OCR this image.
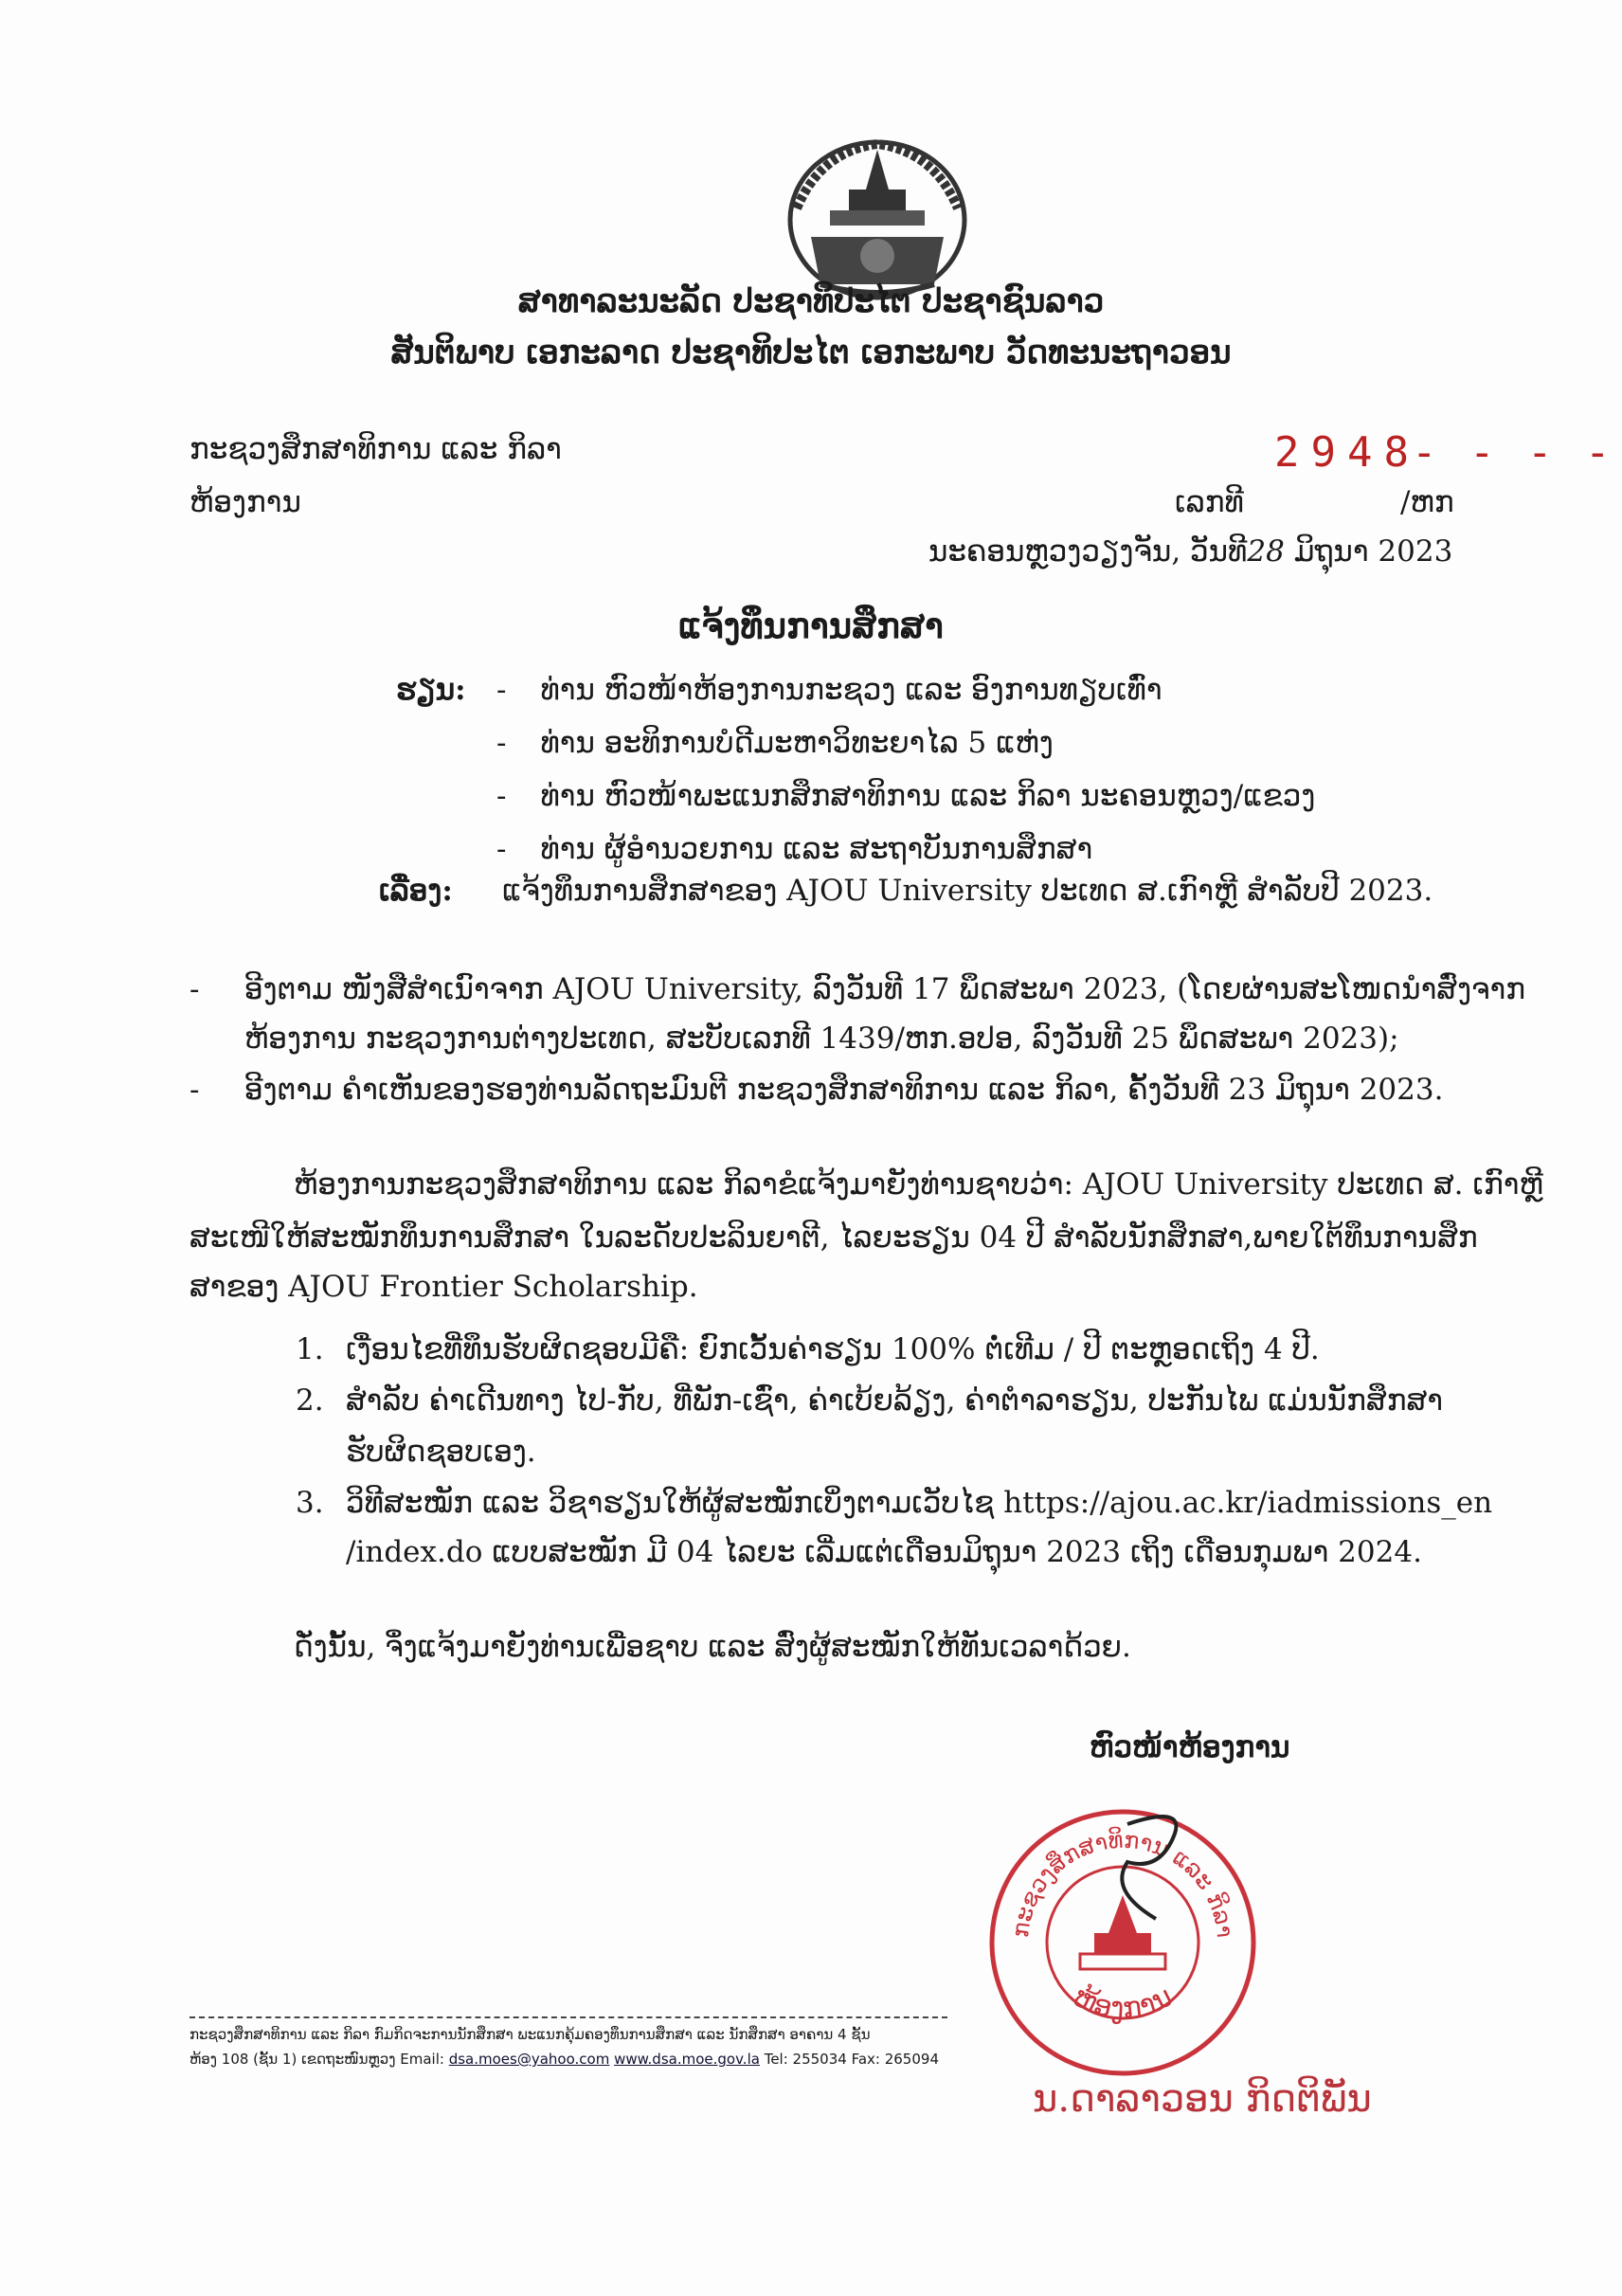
ສາທາລະນະລັດ ປະຊາທິປະໄຕ ປະຊາຊົນລາວ
ສັນຕິພາບ ເອກະລາດ ປະຊາທິປະໄຕ ເອກະພາບ ວັດທະນະຖາວອນ
ກະຊວງສຶກສາທິການ ແລະ ກິລາ
ຫ້ອງການ
2948
- - - -
ເລກທີ	/ຫກ
ນະຄອນຫຼວງວຽງຈັນ, ວັນທີ28 ມິຖຸນາ 2023
ແຈ້ງທຶນການສຶກສາ
ຮຽນ: - ທ່ານ ຫົວໜ້າຫ້ອງການກະຊວງ ແລະ ອົງການທຽບເທົ່າ
- ທ່ານ ອະທິການບໍດີມະຫາວິທະຍາໄລ 5 ແຫ່ງ
- ທ່ານ ຫົວໜ້າພະແນກສຶກສາທິການ ແລະ ກິລາ ນະຄອນຫຼວງ/ແຂວງ
- ທ່ານ ຜູ້ອຳນວຍການ ແລະ ສະຖາບັນການສຶກສາ
ເລື່ອງ: ແຈ້ງທຶນການສຶກສາຂອງ AJOU University ປະເທດ ສ.ເກົາຫຼີ ສຳລັບປີ 2023.
- ອີງຕາມ ໜັງສືສຳເນົາຈາກ AJOU University, ລົງວັນທີ 17 ພຶດສະພາ 2023, (ໂດຍຜ່ານສະໂໜດນຳສົ່ງຈາກ
ຫ້ອງການ ກະຊວງການຕ່າງປະເທດ, ສະບັບເລກທີ 1439/ຫກ.ອປອ, ລົງວັນທີ 25 ພຶດສະພາ 2023);
- ອີງຕາມ ຄຳເຫັນຂອງຮອງທ່ານລັດຖະມົນຕີ ກະຊວງສຶກສາທິການ ແລະ ກິລາ, ຄັ້ງວັນທີ 23 ມິຖຸນາ 2023.
ຫ້ອງການກະຊວງສຶກສາທິການ ແລະ ກິລາຂໍແຈ້ງມາຍັງທ່ານຊາບວ່າ: AJOU University ປະເທດ ສ. ເກົາຫຼີ
ສະເໜີໃຫ້ສະໝັກທຶນການສຶກສາ ໃນລະດັບປະລິນຍາຕີ, ໄລຍະຮຽນ 04 ປີ ສຳລັບນັກສຶກສາ,ພາຍໃຕ້ທຶນການສຶກ
ສາຂອງ AJOU Frontier Scholarship.
1. ເງື່ອນໄຂທີ່ທຶນຮັບຜິດຊອບມີຄື: ຍົກເວັ້ນຄ່າຮຽນ 100% ຕໍ່ເທີມ / ປີ ຕະຫຼອດເຖິງ 4 ປີ.
2. ສຳລັບ ຄ່າເດີນທາງ ໄປ-ກັບ, ທີ່ພັກ-ເຊົ່າ, ຄ່າເບ້ຍລ້ຽງ, ຄ່າຕຳລາຮຽນ, ປະກັນໄພ ແມ່ນນັກສຶກສາ
ຮັບຜິດຊອບເອງ.
3. ວິທີສະໝັກ ແລະ ວິຊາຮຽນໃຫ້ຜູ້ສະໝັກເບິ່ງຕາມເວັບໄຊ https://ajou.ac.kr/iadmissions_en
/index.do ແບບສະໝັກ ມີ 04 ໄລຍະ ເລີ່ມແຕ່ເດືອນມິຖຸນາ 2023 ເຖິງ ເດືອນກຸມພາ 2024.
ດັ່ງນັ້ນ, ຈຶ່ງແຈ້ງມາຍັງທ່ານເພື່ອຊາບ ແລະ ສົ່ງຜູ້ສະໝັກໃຫ້ທັນເວລາດ້ວຍ.
ຫົວໜ້າຫ້ອງການ
ກະຊວງສຶກສາທິການ ແລະ ກິລາ
ຫ້ອງການ
ນ.ດາລາວອນ ກິດຕິພັນ
ກະຊວງສຶກສາທິການ ແລະ ກິລາ ກົມກິດຈະການນັກສຶກສາ ພະແນກຄຸ້ມຄອງທຶນການສຶກສາ ແລະ ນັກສຶກສາ ອາຄານ 4 ຊັ້ນ
ຫ້ອງ 108 (ຊັ້ນ 1) ເຂດຖະໜົນຫຼວງ Email: dsa.moes@yahoo.com www.dsa.moe.gov.la Tel: 255034 Fax: 265094
